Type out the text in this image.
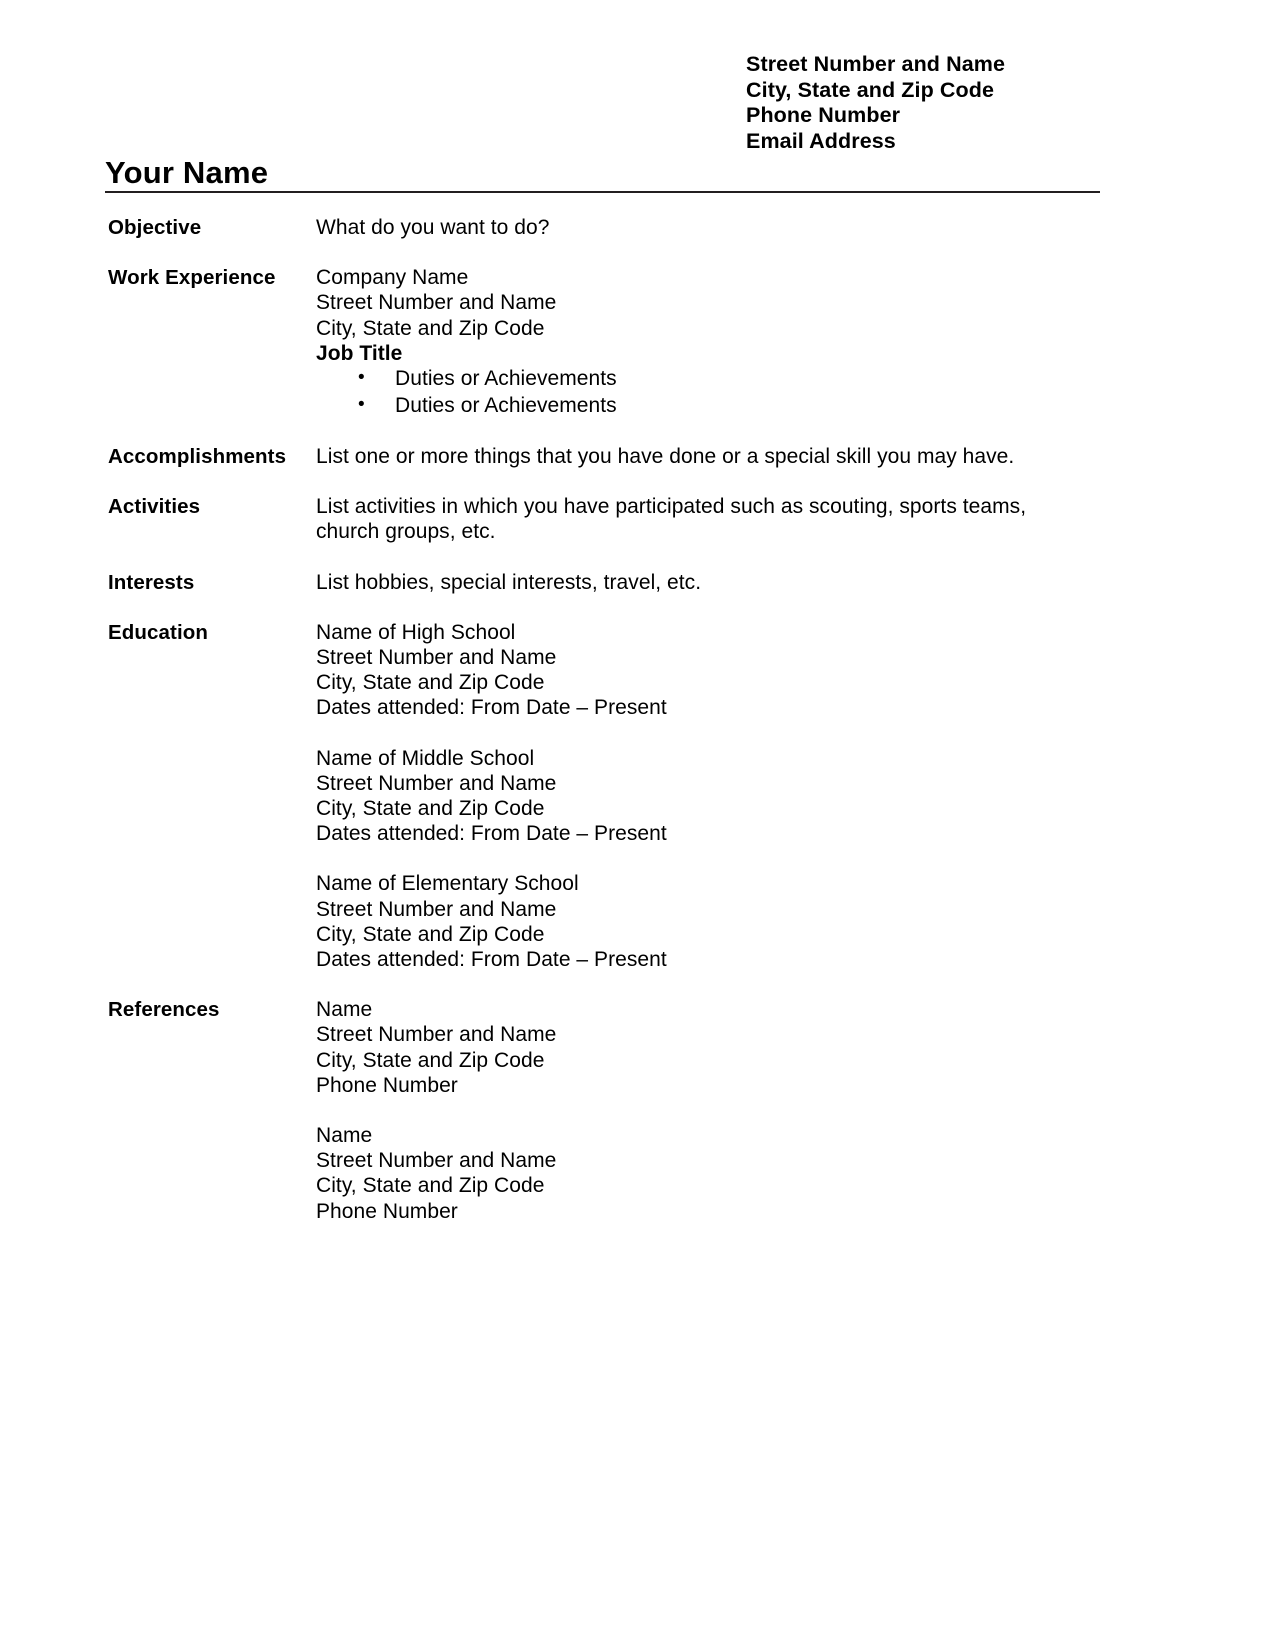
Street Number and Name
City, State and Zip Code
Phone Number
Email Address
Your Name
Objective	What do you want to do?
Work Experience	Company Name
Street Number and Name
City, State and Zip Code
Job Title
• Duties or Achievements
• Duties or Achievements
Accomplishments	List one or more things that you have done or a special skill you may have.
Activities	List activities in which you have participated such as scouting, sports teams, church groups, etc.
Interests	List hobbies, special interests, travel, etc.
Education	Name of High School
Street Number and Name
City, State and Zip Code
Dates attended: From Date – Present
Name of Middle School
Street Number and Name
City, State and Zip Code
Dates attended: From Date – Present
Name of Elementary School
Street Number and Name
City, State and Zip Code
Dates attended: From Date – Present
References	Name
Street Number and Name
City, State and Zip Code
Phone Number
Name
Street Number and Name
City, State and Zip Code
Phone Number
